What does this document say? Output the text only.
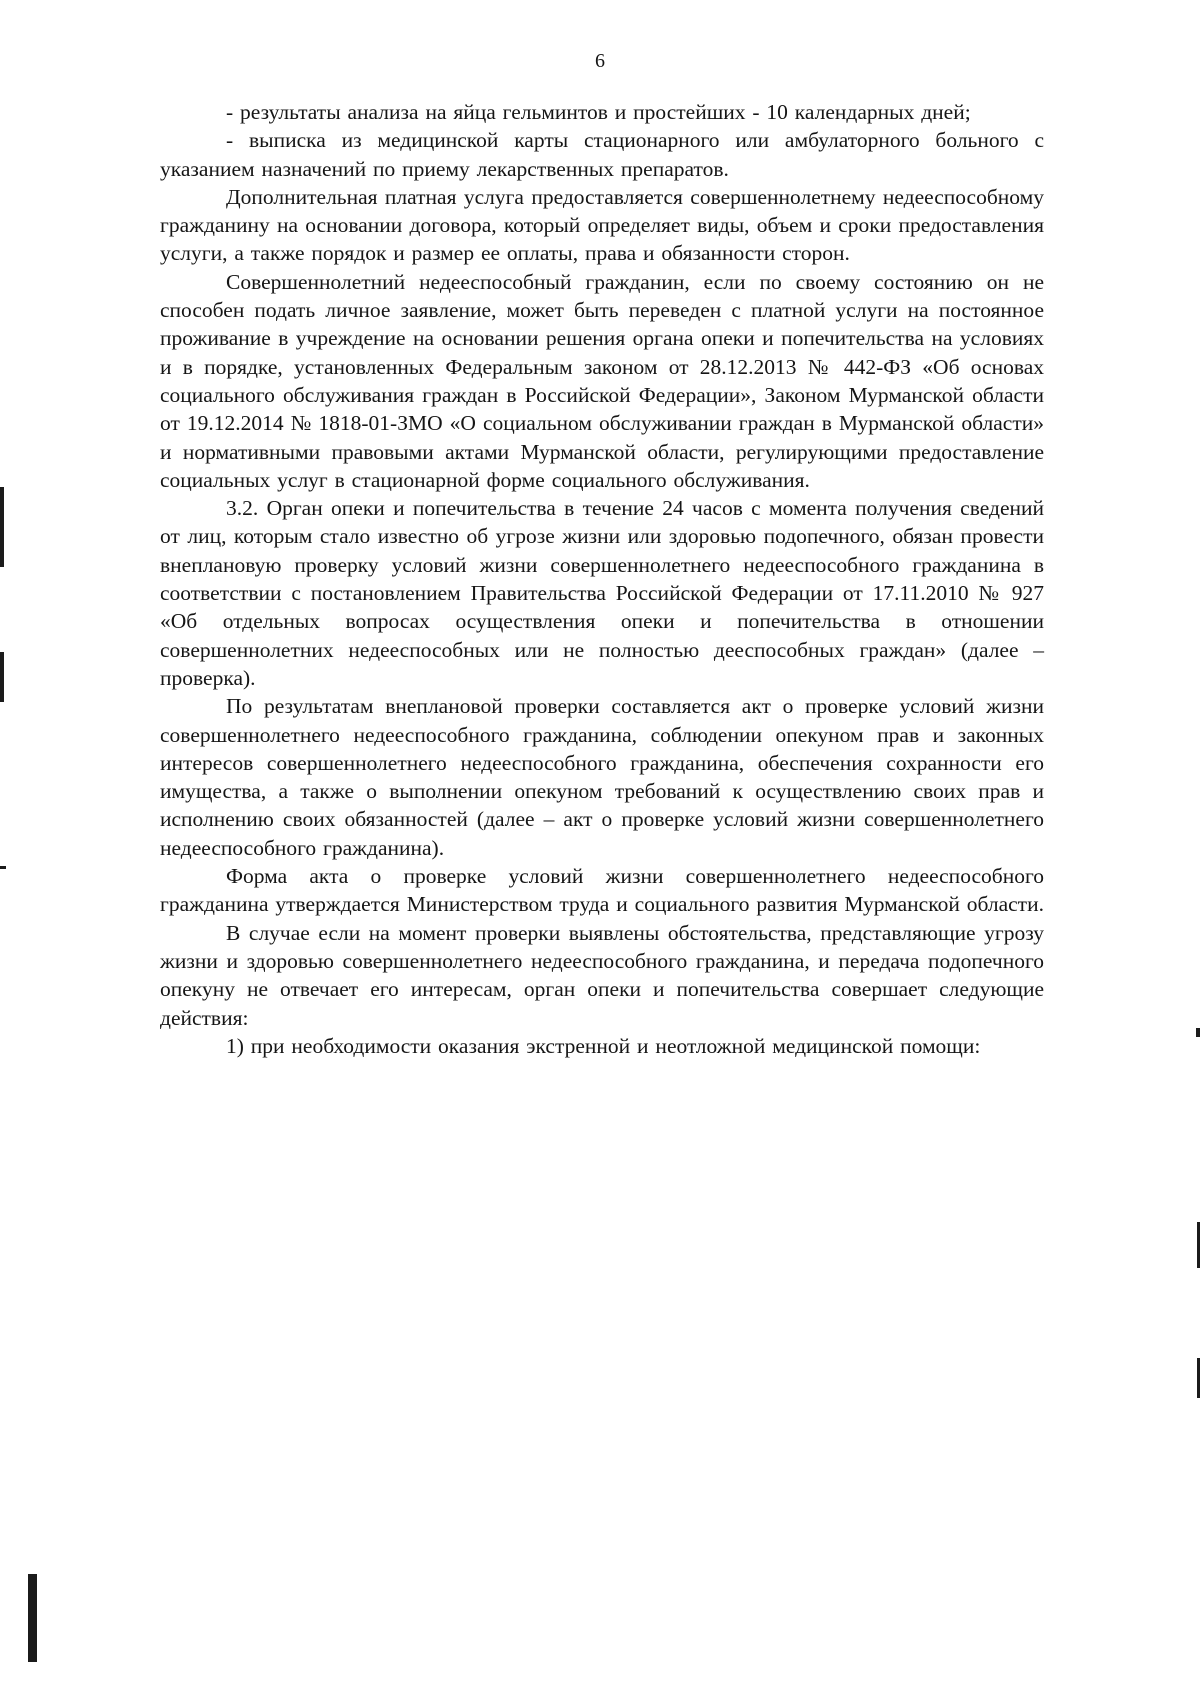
6

- результаты анализа на яйца гельминтов и простейших - 10 календарных дней;

- выписка из медицинской карты стационарного или амбулаторного больного с указанием назначений по приему лекарственных препаратов.

Дополнительная платная услуга предоставляется совершеннолетнему недееспособному гражданину на основании договора, который определяет виды, объем и сроки предоставления услуги, а также порядок и размер ее оплаты, права и обязанности сторон.

Совершеннолетний недееспособный гражданин, если по своему состоянию он не способен подать личное заявление, может быть переведен с платной услуги на постоянное проживание в учреждение на основании решения органа опеки и попечительства на условиях и в порядке, установленных Федеральным законом от 28.12.2013 № 442-ФЗ «Об основах социального обслуживания граждан в Российской Федерации», Законом Мурманской области от 19.12.2014 № 1818-01-ЗМО «О социальном обслуживании граждан в Мурманской области» и нормативными правовыми актами Мурманской области, регулирующими предоставление социальных услуг в стационарной форме социального обслуживания.

3.2. Орган опеки и попечительства в течение 24 часов с момента получения сведений от лиц, которым стало известно об угрозе жизни или здоровью подопечного, обязан провести внеплановую проверку условий жизни совершеннолетнего недееспособного гражданина в соответствии с постановлением Правительства Российской Федерации от 17.11.2010 № 927 «Об отдельных вопросах осуществления опеки и попечительства в отношении совершеннолетних недееспособных или не полностью дееспособных граждан» (далее – проверка).

По результатам внеплановой проверки составляется акт о проверке условий жизни совершеннолетнего недееспособного гражданина, соблюдении опекуном прав и законных интересов совершеннолетнего недееспособного гражданина, обеспечения сохранности его имущества, а также о выполнении опекуном требований к осуществлению своих прав и исполнению своих обязанностей (далее – акт о проверке условий жизни совершеннолетнего недееспособного гражданина).

Форма акта о проверке условий жизни совершеннолетнего недееспособного гражданина утверждается Министерством труда и социального развития Мурманской области.

В случае если на момент проверки выявлены обстоятельства, представляющие угрозу жизни и здоровью совершеннолетнего недееспособного гражданина, и передача подопечного опекуну не отвечает его интересам, орган опеки и попечительства совершает следующие действия:

1) при необходимости оказания экстренной и неотложной медицинской помощи:
